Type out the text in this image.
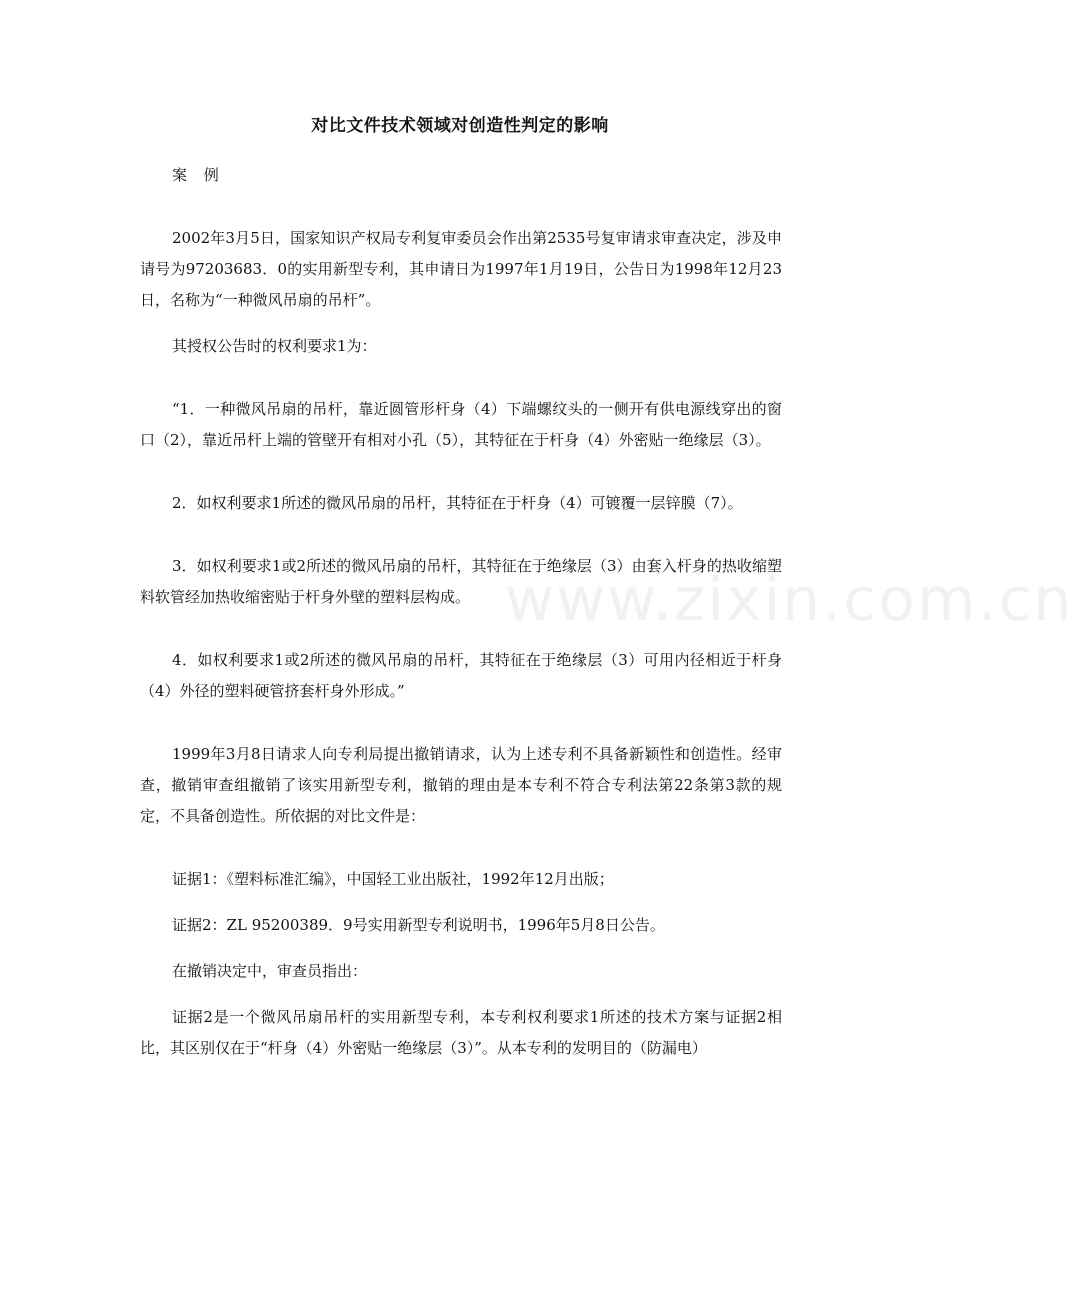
对比文件技术领域对创造性判定的影响

案 例

2002年3月5日，国家知识产权局专利复审委员会作出第2535号复审请求审查决定，涉及申请号为97203683．0的实用新型专利，其申请日为1997年1月19日，公告日为1998年12月23日，名称为“一种微风吊扇的吊杆”。

其授权公告时的权利要求1为：

“1．一种微风吊扇的吊杆，靠近圆管形杆身（4）下端螺纹头的一侧开有供电源线穿出的窗口（2），靠近吊杆上端的管壁开有相对小孔（5），其特征在于杆身（4）外密贴一绝缘层（3）。

2．如权利要求1所述的微风吊扇的吊杆，其特征在于杆身（4）可镀覆一层锌膜（7）。

3．如权利要求1或2所述的微风吊扇的吊杆，其特征在于绝缘层（3）由套入杆身的热收缩塑料软管经加热收缩密贴于杆身外壁的塑料层构成。

4．如权利要求1或2所述的微风吊扇的吊杆，其特征在于绝缘层（3）可用内径相近于杆身（4）外径的塑料硬管挤套杆身外形成。”

1999年3月8日请求人向专利局提出撤销请求，认为上述专利不具备新颖性和创造性。经审查，撤销审查组撤销了该实用新型专利，撤销的理由是本专利不符合专利法第22条第3款的规定，不具备创造性。所依据的对比文件是：

证据1：《塑料标准汇编》，中国轻工业出版社，1992年12月出版；

证据2：ZL 95200389．9号实用新型专利说明书，1996年5月8日公告。

在撤销决定中，审查员指出：

证据2是一个微风吊扇吊杆的实用新型专利，本专利权利要求1所述的技术方案与证据2相比，其区别仅在于“杆身（4）外密贴一绝缘层（3）”。从本专利的发明目的（防漏电）

www.zixin.com.cn
